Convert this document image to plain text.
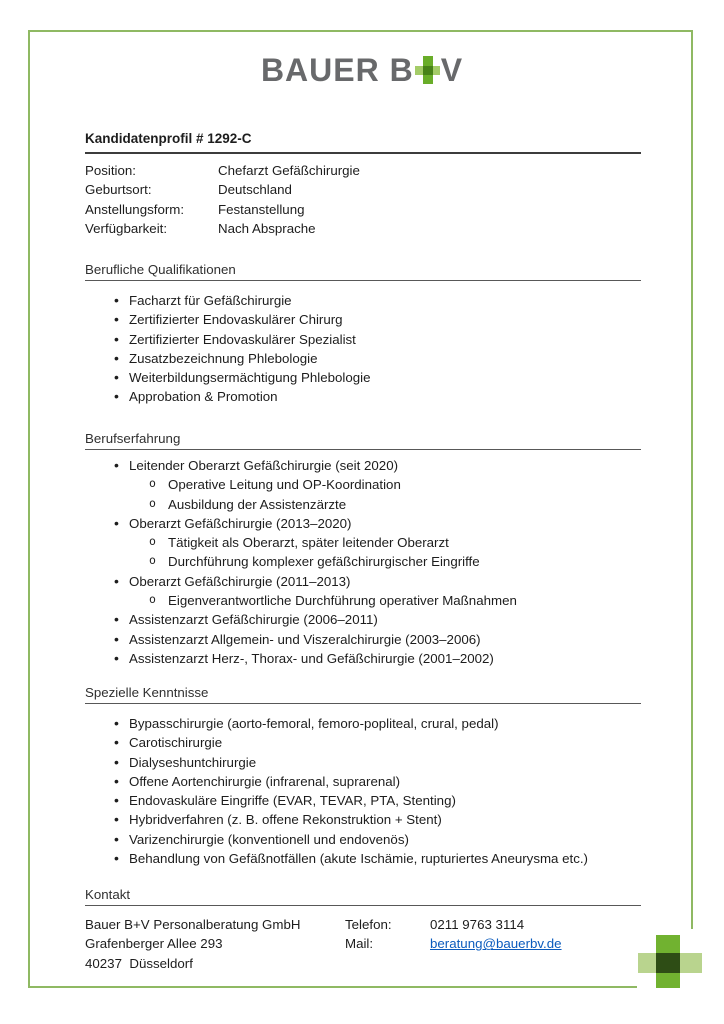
BAUER B V
Kandidatenprofil # 1292-C
Position:	Chefarzt Gefäßchirurgie
Geburtsort:	Deutschland
Anstellungsform:	Festanstellung
Verfügbarkeit:	Nach Absprache
Berufliche Qualifikationen
• Facharzt für Gefäßchirurgie
• Zertifizierter Endovaskulärer Chirurg
• Zertifizierter Endovaskulärer Spezialist
• Zusatzbezeichnung Phlebologie
• Weiterbildungsermächtigung Phlebologie
• Approbation & Promotion
Berufserfahrung
• Leitender Oberarzt Gefäßchirurgie (seit 2020)
o Operative Leitung und OP-Koordination
o Ausbildung der Assistenzärzte
• Oberarzt Gefäßchirurgie (2013–2020)
o Tätigkeit als Oberarzt, später leitender Oberarzt
o Durchführung komplexer gefäßchirurgischer Eingriffe
• Oberarzt Gefäßchirurgie (2011–2013)
o Eigenverantwortliche Durchführung operativer Maßnahmen
• Assistenzarzt Gefäßchirurgie (2006–2011)
• Assistenzarzt Allgemein- und Viszeralchirurgie (2003–2006)
• Assistenzarzt Herz-, Thorax- und Gefäßchirurgie (2001–2002)
Spezielle Kenntnisse
• Bypasschirurgie (aorto-femoral, femoro-popliteal, crural, pedal)
• Carotischirurgie
• Dialyseshuntchirurgie
• Offene Aortenchirurgie (infrarenal, suprarenal)
• Endovaskuläre Eingriffe (EVAR, TEVAR, PTA, Stenting)
• Hybridverfahren (z. B. offene Rekonstruktion + Stent)
• Varizenchirurgie (konventionell und endovenös)
• Behandlung von Gefäßnotfällen (akute Ischämie, rupturiertes Aneurysma etc.)
Kontakt
Bauer B+V Personalberatung GmbH	Telefon:	0211 9763 3114
Grafenberger Allee 293	Mail:	beratung@bauerbv.de
40237  Düsseldorf
